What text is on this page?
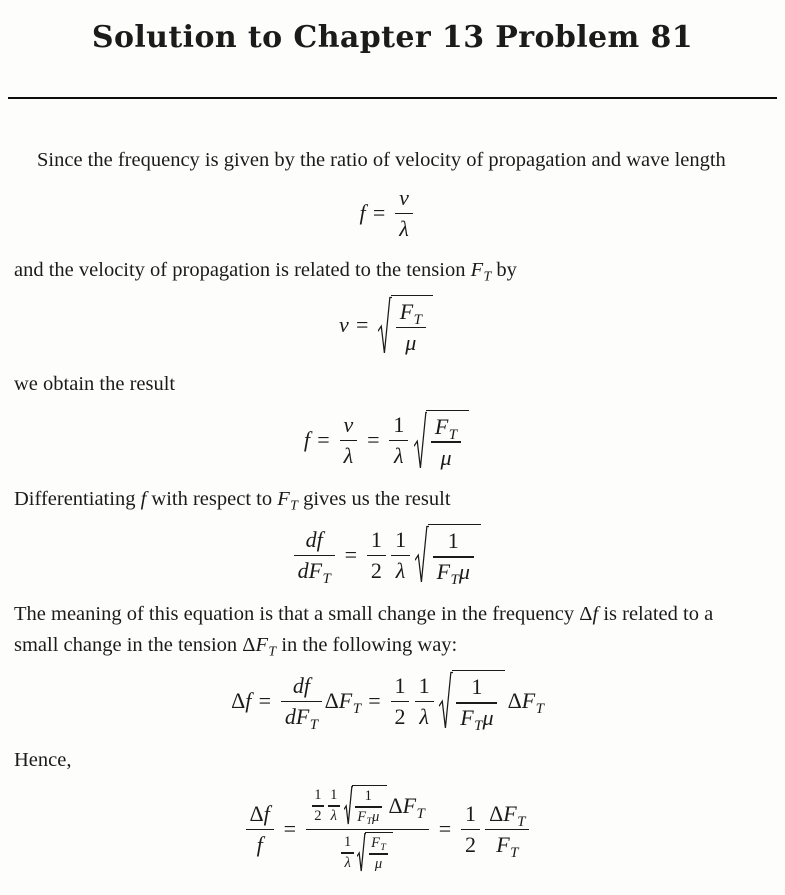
Solution to Chapter 13 Problem 81

Since the frequency is given by the ratio of velocity of propagation and wave length

f =
ν
λ

and the velocity of propagation is related to the tension F T by

ν =
F T
μ

we obtain the result

f =
ν
λ
=
1
λ
F T
μ

Differentiating f with respect to F T gives us the result

d f
d F T
=
1
2
1
λ
1
F T μ

The meaning of this equation is that a small change in the frequency Δ f is related to a small change in the tension Δ F T in the following way:

Δ f =
d f
d F T
Δ F T =
1
2
1
λ
1
F T μ
Δ F T

Hence,

Δ f
f
=
1
2
1
λ
1
F T μ Δ F T
1
λ
F T
μ
=
1
2
Δ F T
F T
